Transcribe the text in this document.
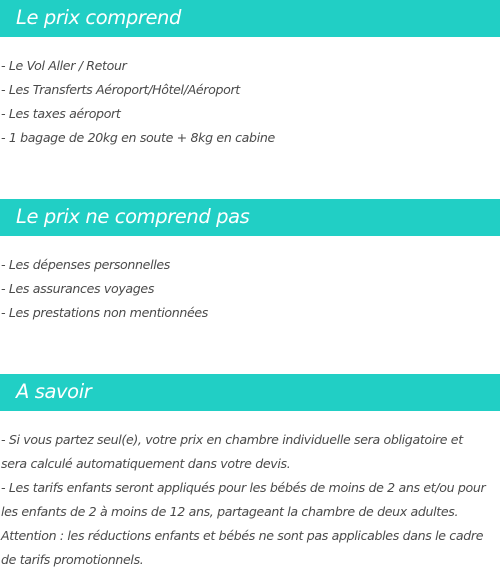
Le prix comprend
- Le Vol Aller / Retour
- Les Transferts Aéroport/Hôtel/Aéroport
- Les taxes aéroport
- 1 bagage de 20kg en soute + 8kg en cabine
Le prix ne comprend pas
- Les dépenses personnelles
- Les assurances voyages
- Les prestations non mentionnées
A savoir
- Si vous partez seul(e), votre prix en chambre individuelle sera obligatoire et
sera calculé automatiquement dans votre devis.
- Les tarifs enfants seront appliqués pour les bébés de moins de 2 ans et/ou pour
les enfants de 2 à moins de 12 ans, partageant la chambre de deux adultes.
Attention : les réductions enfants et bébés ne sont pas applicables dans le cadre
de tarifs promotionnels.
